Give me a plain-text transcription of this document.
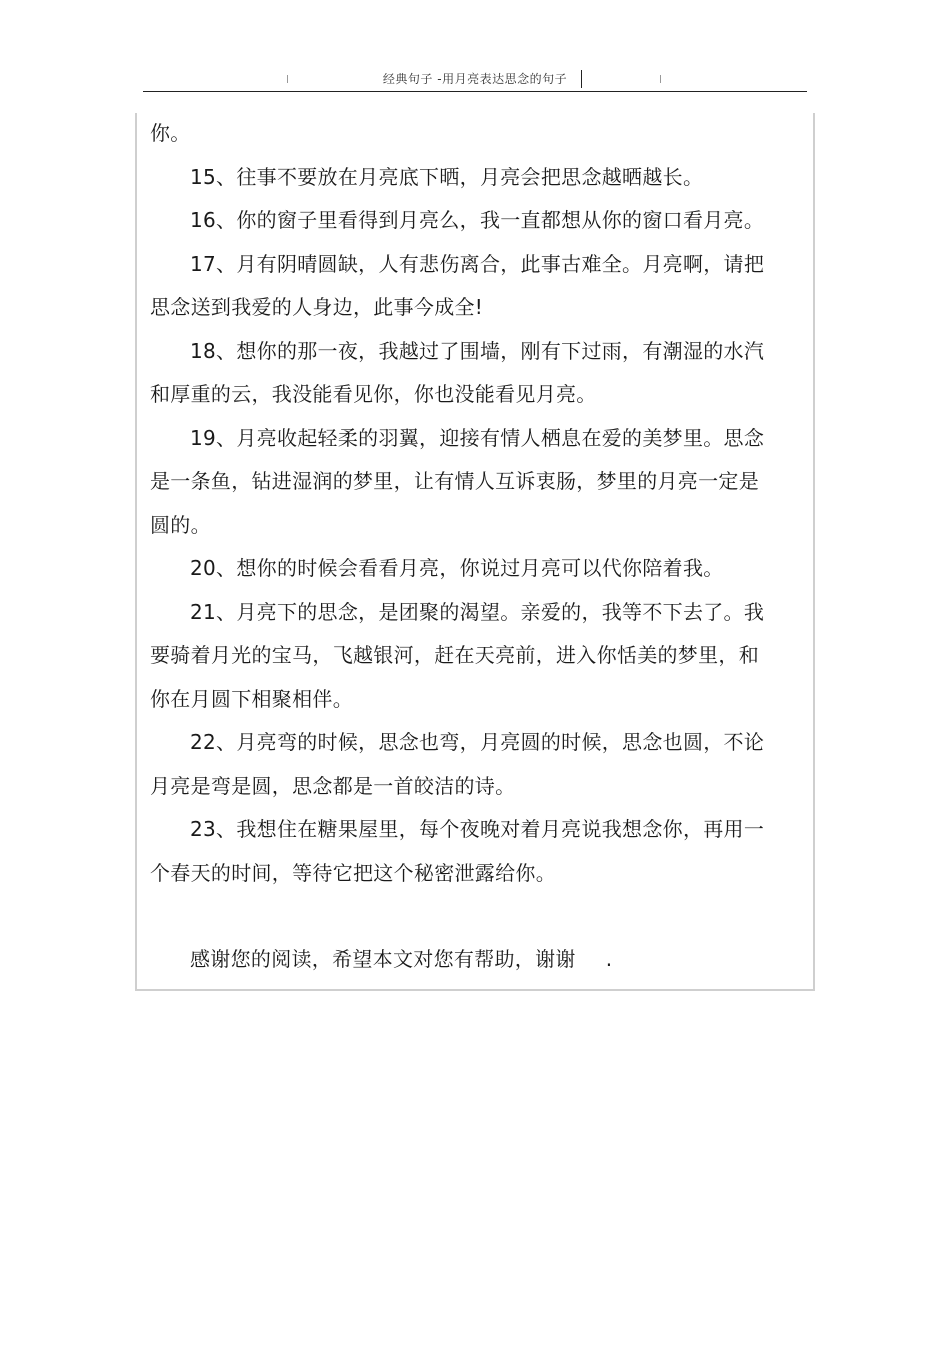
经典句子 -用月亮表达思念的句子

你。

15、往事不要放在月亮底下晒，月亮会把思念越晒越长。

16、你的窗子里看得到月亮么，我一直都想从你的窗口看月亮。

17、月有阴晴圆缺，人有悲伤离合，此事古难全。月亮啊，请把思念送到我爱的人身边，此事今成全!

18、想你的那一夜，我越过了围墙，刚有下过雨，有潮湿的水汽和厚重的云，我没能看见你，你也没能看见月亮。

19、月亮收起轻柔的羽翼，迎接有情人栖息在爱的美梦里。思念是一条鱼，钻进湿润的梦里，让有情人互诉衷肠，梦里的月亮一定是圆的。

20、想你的时候会看看月亮，你说过月亮可以代你陪着我。

21、月亮下的思念，是团聚的渴望。亲爱的，我等不下去了。我要骑着月光的宝马，飞越银河，赶在天亮前，进入你恬美的梦里，和你在月圆下相聚相伴。

22、月亮弯的时候，思念也弯，月亮圆的时候，思念也圆，不论月亮是弯是圆，思念都是一首皎洁的诗。

23、我想住在糖果屋里，每个夜晚对着月亮说我想念你，再用一个春天的时间，等待它把这个秘密泄露给你。

感谢您的阅读，希望本文对您有帮助，谢谢 .
